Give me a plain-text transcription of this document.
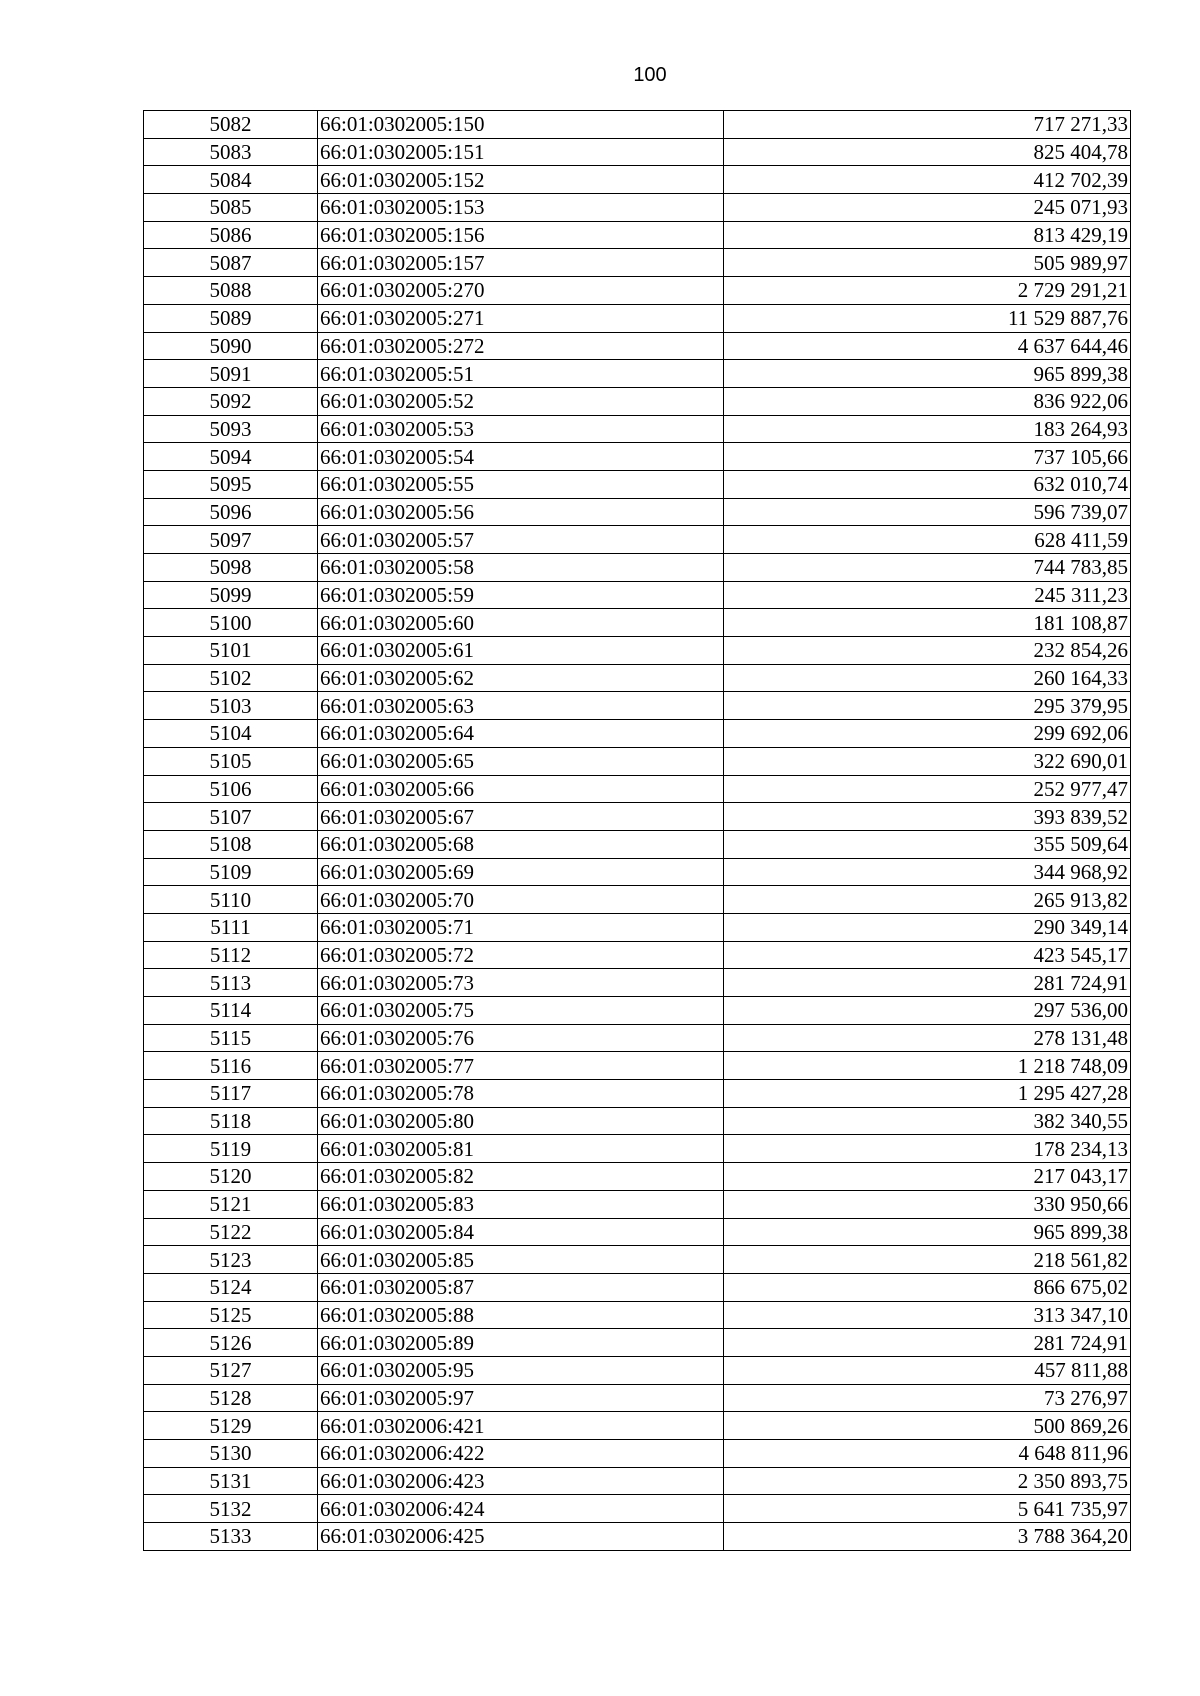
100
5082	66:01:0302005:150	717 271,33
5083	66:01:0302005:151	825 404,78
5084	66:01:0302005:152	412 702,39
5085	66:01:0302005:153	245 071,93
5086	66:01:0302005:156	813 429,19
5087	66:01:0302005:157	505 989,97
5088	66:01:0302005:270	2 729 291,21
5089	66:01:0302005:271	11 529 887,76
5090	66:01:0302005:272	4 637 644,46
5091	66:01:0302005:51	965 899,38
5092	66:01:0302005:52	836 922,06
5093	66:01:0302005:53	183 264,93
5094	66:01:0302005:54	737 105,66
5095	66:01:0302005:55	632 010,74
5096	66:01:0302005:56	596 739,07
5097	66:01:0302005:57	628 411,59
5098	66:01:0302005:58	744 783,85
5099	66:01:0302005:59	245 311,23
5100	66:01:0302005:60	181 108,87
5101	66:01:0302005:61	232 854,26
5102	66:01:0302005:62	260 164,33
5103	66:01:0302005:63	295 379,95
5104	66:01:0302005:64	299 692,06
5105	66:01:0302005:65	322 690,01
5106	66:01:0302005:66	252 977,47
5107	66:01:0302005:67	393 839,52
5108	66:01:0302005:68	355 509,64
5109	66:01:0302005:69	344 968,92
5110	66:01:0302005:70	265 913,82
5111	66:01:0302005:71	290 349,14
5112	66:01:0302005:72	423 545,17
5113	66:01:0302005:73	281 724,91
5114	66:01:0302005:75	297 536,00
5115	66:01:0302005:76	278 131,48
5116	66:01:0302005:77	1 218 748,09
5117	66:01:0302005:78	1 295 427,28
5118	66:01:0302005:80	382 340,55
5119	66:01:0302005:81	178 234,13
5120	66:01:0302005:82	217 043,17
5121	66:01:0302005:83	330 950,66
5122	66:01:0302005:84	965 899,38
5123	66:01:0302005:85	218 561,82
5124	66:01:0302005:87	866 675,02
5125	66:01:0302005:88	313 347,10
5126	66:01:0302005:89	281 724,91
5127	66:01:0302005:95	457 811,88
5128	66:01:0302005:97	73 276,97
5129	66:01:0302006:421	500 869,26
5130	66:01:0302006:422	4 648 811,96
5131	66:01:0302006:423	2 350 893,75
5132	66:01:0302006:424	5 641 735,97
5133	66:01:0302006:425	3 788 364,20
